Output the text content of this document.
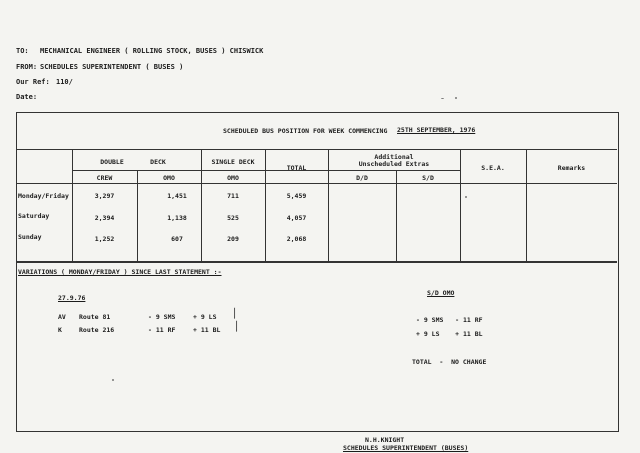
TO: MECHANICAL ENGINEER ( ROLLING STOCK, BUSES ) CHISWICK
FROM: SCHEDULES SUPERINTENDENT ( BUSES )
Our Ref: 110/
Date:
SCHEDULED BUS POSITION FOR WEEK COMMENCING 25TH SEPTEMBER, 1976
DOUBLE	DECK	SINGLE DECK
TOTAL
Additional
Unscheduled Extras	S.E.A.	Remarks
CREW	OMO	OMO	D/D	S/D
Monday/Friday	3,297	1,451	711	5,459
Saturday	2,394	1,138	525	4,057
Sunday	1,252	607	209	2,068
VARIATIONS ( MONDAY/FRIDAY ) SINCE LAST STATEMENT :-
27.9.76
AV Route 81	- 9 SMS	+ 9 LS
K	Route 216	- 11 RF	+ 11 BL
/
/
S/D OMO
- 9 SMS   - 11 RF
+ 9 LS    + 11 BL
TOTAL  -  NO CHANGE
N.H.KNIGHT
SCHEDULES SUPERINTENDENT (BUSES)
